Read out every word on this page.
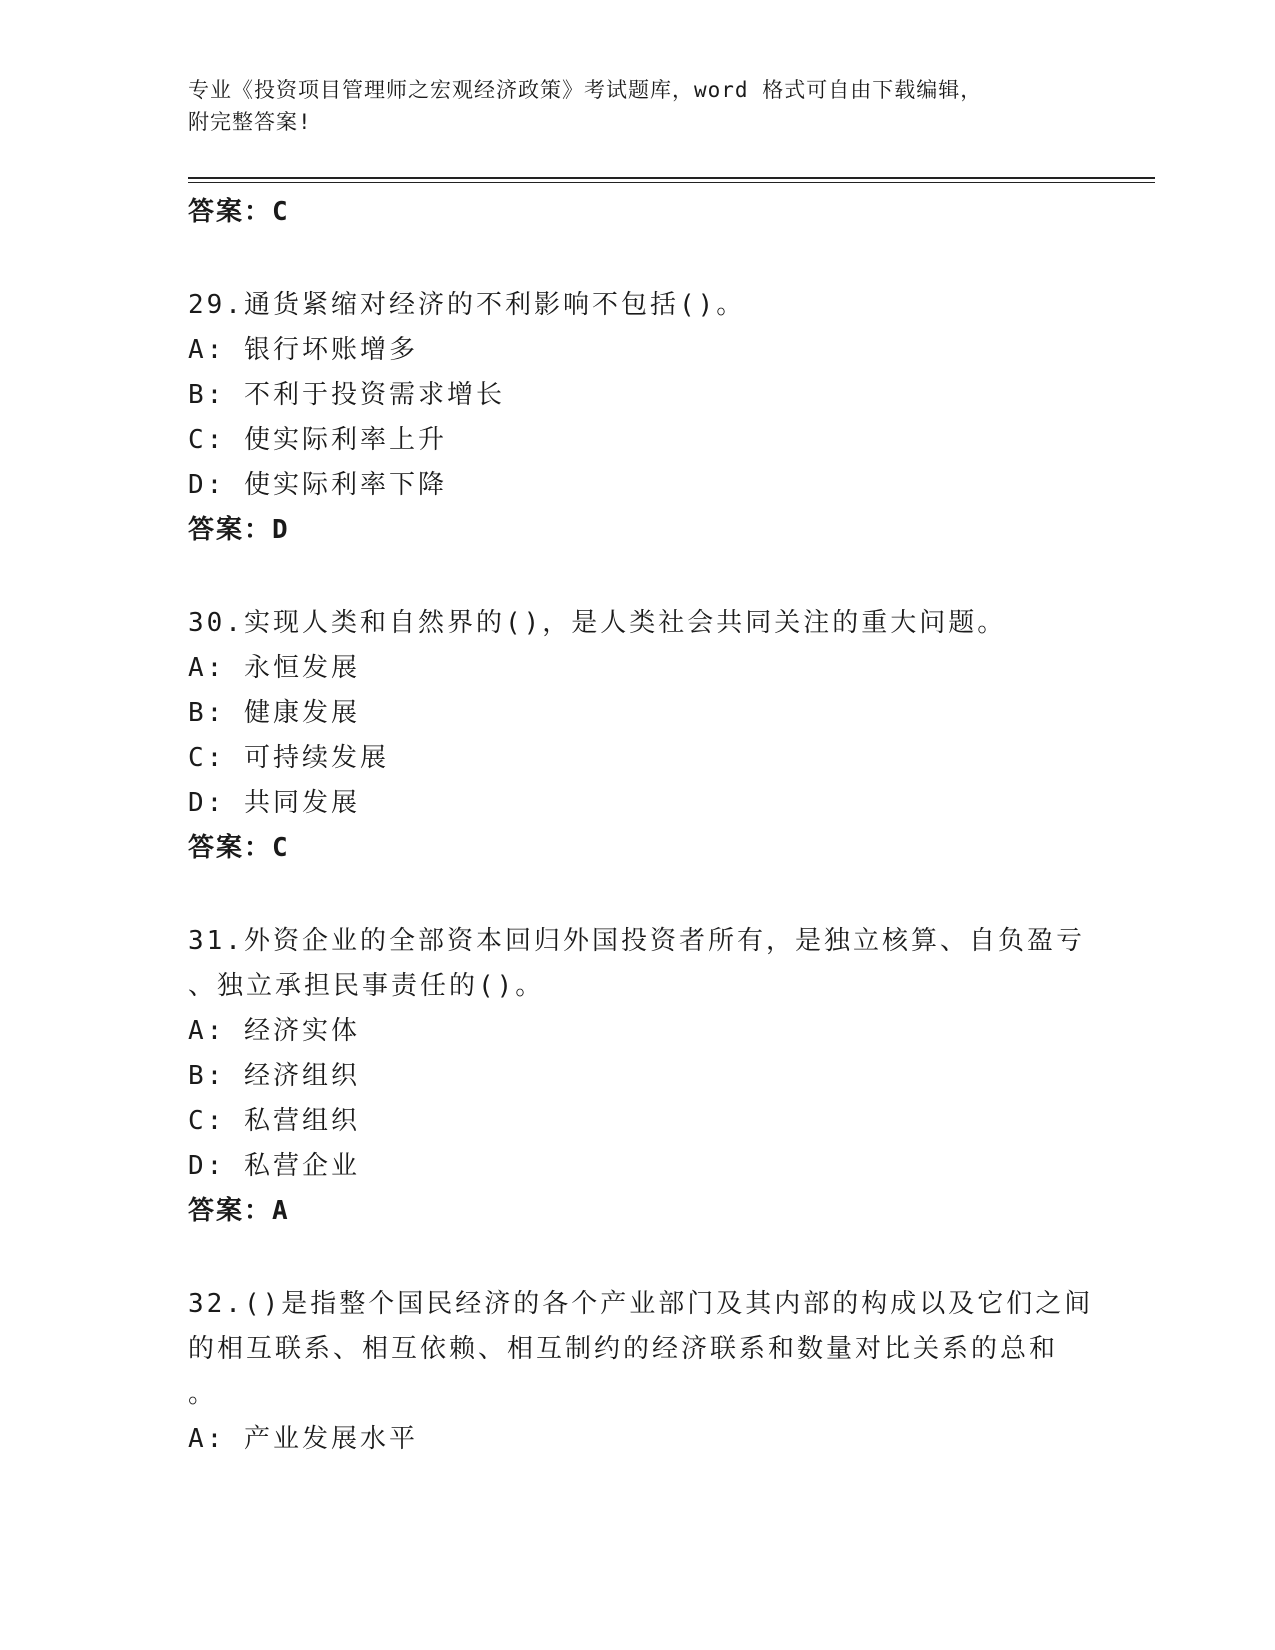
专业《投资项目管理师之宏观经济政策》考试题库，word 格式可自由下载编辑，
附完整答案!
答案：C
29.通货紧缩对经济的不利影响不包括()。
A: 银行坏账增多
B: 不利于投资需求增长
C: 使实际利率上升
D: 使实际利率下降
答案：D
30.实现人类和自然界的()，是人类社会共同关注的重大问题。
A: 永恒发展
B: 健康发展
C: 可持续发展
D: 共同发展
答案：C
31.外资企业的全部资本回归外国投资者所有，是独立核算、自负盈亏
、独立承担民事责任的()。
A: 经济实体
B: 经济组织
C: 私营组织
D: 私营企业
答案：A
32.()是指整个国民经济的各个产业部门及其内部的构成以及它们之间
的相互联系、相互依赖、相互制约的经济联系和数量对比关系的总和
。
A: 产业发展水平
